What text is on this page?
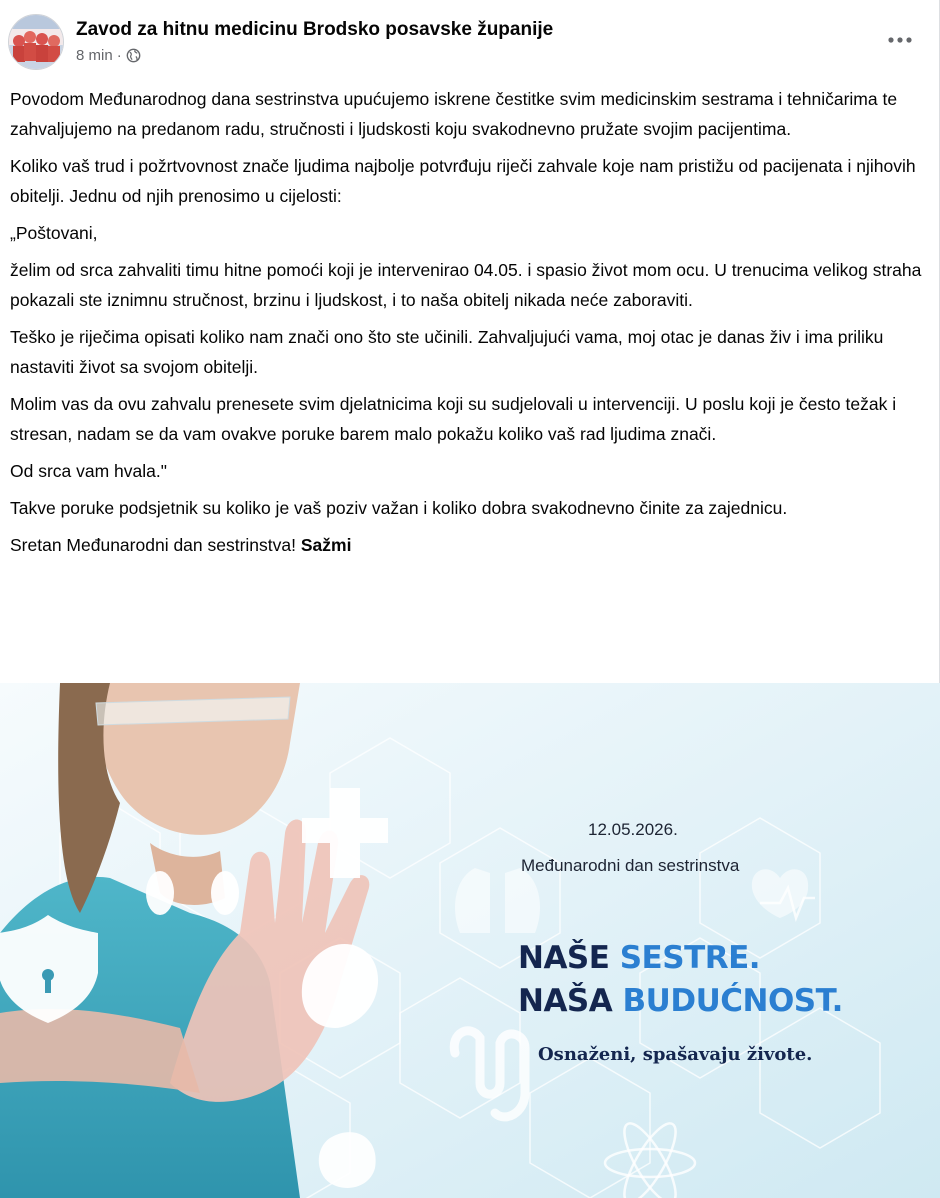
Zavod za hitnu medicinu Brodsko posavske županije
8 min ·

Povodom Međunarodnog dana sestrinstva upućujemo iskrene čestitke svim medicinskim sestrama i tehničarima te zahvaljujemo na predanom radu, stručnosti i ljudskosti koju svakodnevno pružate svojim pacijentima.

Koliko vaš trud i požrtvovnost znače ljudima najbolje potvrđuju riječi zahvale koje nam pristižu od pacijenata i njihovih obitelji. Jednu od njih prenosimo u cijelosti:

„Poštovani,

želim od srca zahvaliti timu hitne pomoći koji je intervenirao 04.05. i spasio život mom ocu. U trenucima velikog straha pokazali ste iznimnu stručnost, brzinu i ljudskost, i to naša obitelj nikada neće zaboraviti.

Teško je riječima opisati koliko nam znači ono što ste učinili. Zahvaljujući vama, moj otac je danas živ i ima priliku nastaviti život sa svojom obitelji.

Molim vas da ovu zahvalu prenesete svim djelatnicima koji su sudjelovali u intervenciji. U poslu koji je često težak i stresan, nadam se da vam ovakve poruke barem malo pokažu koliko vaš rad ljudima znači.

Od srca vam hvala."

Takve poruke podsjetnik su koliko je vaš poziv važan i koliko dobra svakodnevno činite za zajednicu.

Sretan Međunarodni dan sestrinstva! Sažmi

12.05.2026.
Međunarodni dan sestrinstva
NAŠE SESTRE.
NAŠA BUDUĆNOST.
Osnaženi, spašavaju živote.
